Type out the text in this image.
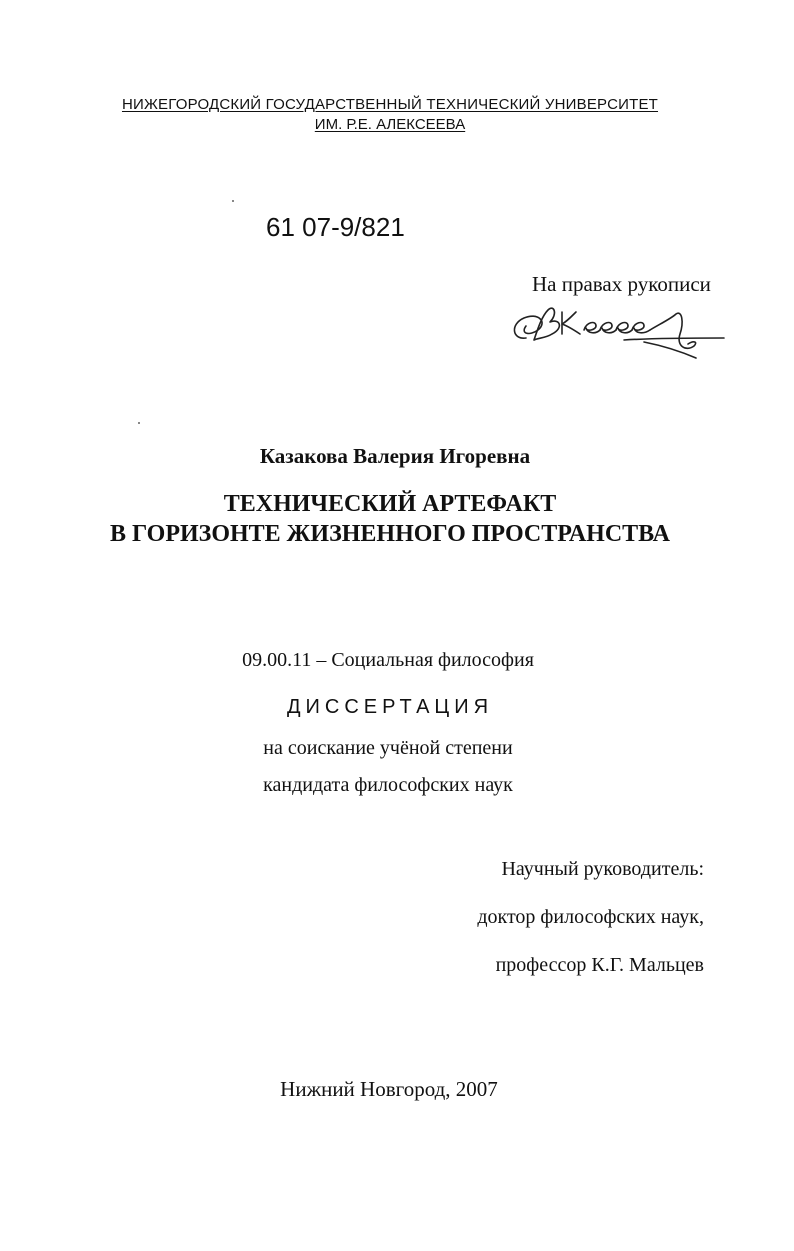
НИЖЕГОРОДСКИЙ ГОСУДАРСТВЕННЫЙ ТЕХНИЧЕСКИЙ УНИВЕРСИТЕТ
ИМ. Р.Е. АЛЕКСЕЕВА
61 07-9/821
На правах рукописи
Казакова Валерия Игоревна
ТЕХНИЧЕСКИЙ АРТЕФАКТ
В ГОРИЗОНТЕ ЖИЗНЕННОГО ПРОСТРАНСТВА
09.00.11 – Социальная философия
ДИССЕРТАЦИЯ
на соискание учёной степени
кандидата философских наук
Научный руководитель:
доктор философских наук,
профессор К.Г. Мальцев
Нижний Новгород, 2007
